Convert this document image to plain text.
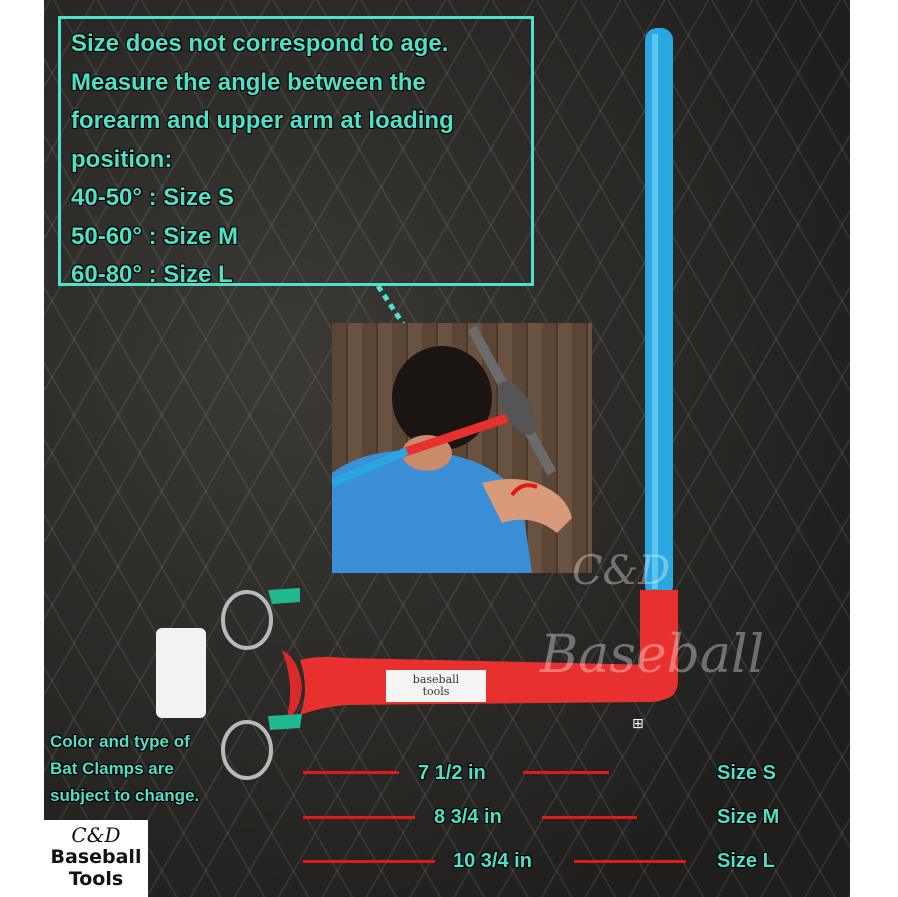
Size does not correspond to age.
Measure the angle between the
forearm and upper arm at loading
position:
40-50° : Size S
50-60° : Size M
60-80° : Size L
C&D
Baseball
baseball
tools
⊞
Color and type of
Bat Clamps are
subject to change.
7 1/2 in	Size S
8 3/4 in	Size M
10 3/4 in	Size L
C&D
Baseball
Tools
